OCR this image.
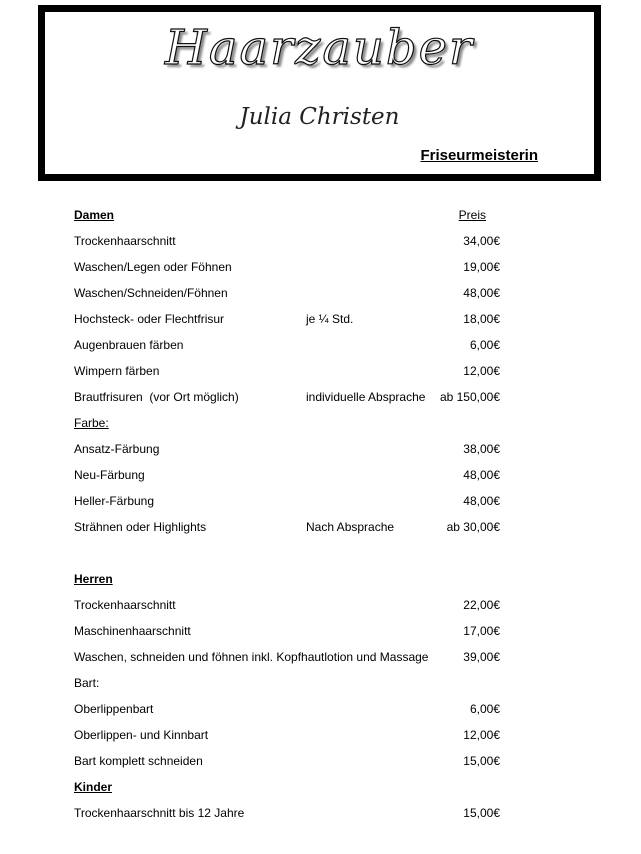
Haarzauber
Julia Christen
Friseurmeisterin
Damen	Preis
Trockenhaarschnitt	34,00€
Waschen/Legen oder Föhnen	19,00€
Waschen/Schneiden/Föhnen	48,00€
Hochsteck- oder Flechtfrisur	je ¼ Std.	18,00€
Augenbrauen färben	6,00€
Wimpern färben	12,00€
Brautfrisuren  (vor Ort möglich)	individuelle Absprache ab 150,00€
Farbe:
Ansatz-Färbung	38,00€
Neu-Färbung	48,00€
Heller-Färbung	48,00€
Strähnen oder Highlights	Nach Absprache	ab 30,00€
Herren
Trockenhaarschnitt	22,00€
Maschinenhaarschnitt	17,00€
Waschen, schneiden und föhnen inkl. Kopfhautlotion und Massage	39,00€
Bart:
Oberlippenbart	6,00€
Oberlippen- und Kinnbart	12,00€
Bart komplett schneiden	15,00€
Kinder
Trockenhaarschnitt bis 12 Jahre	15,00€
